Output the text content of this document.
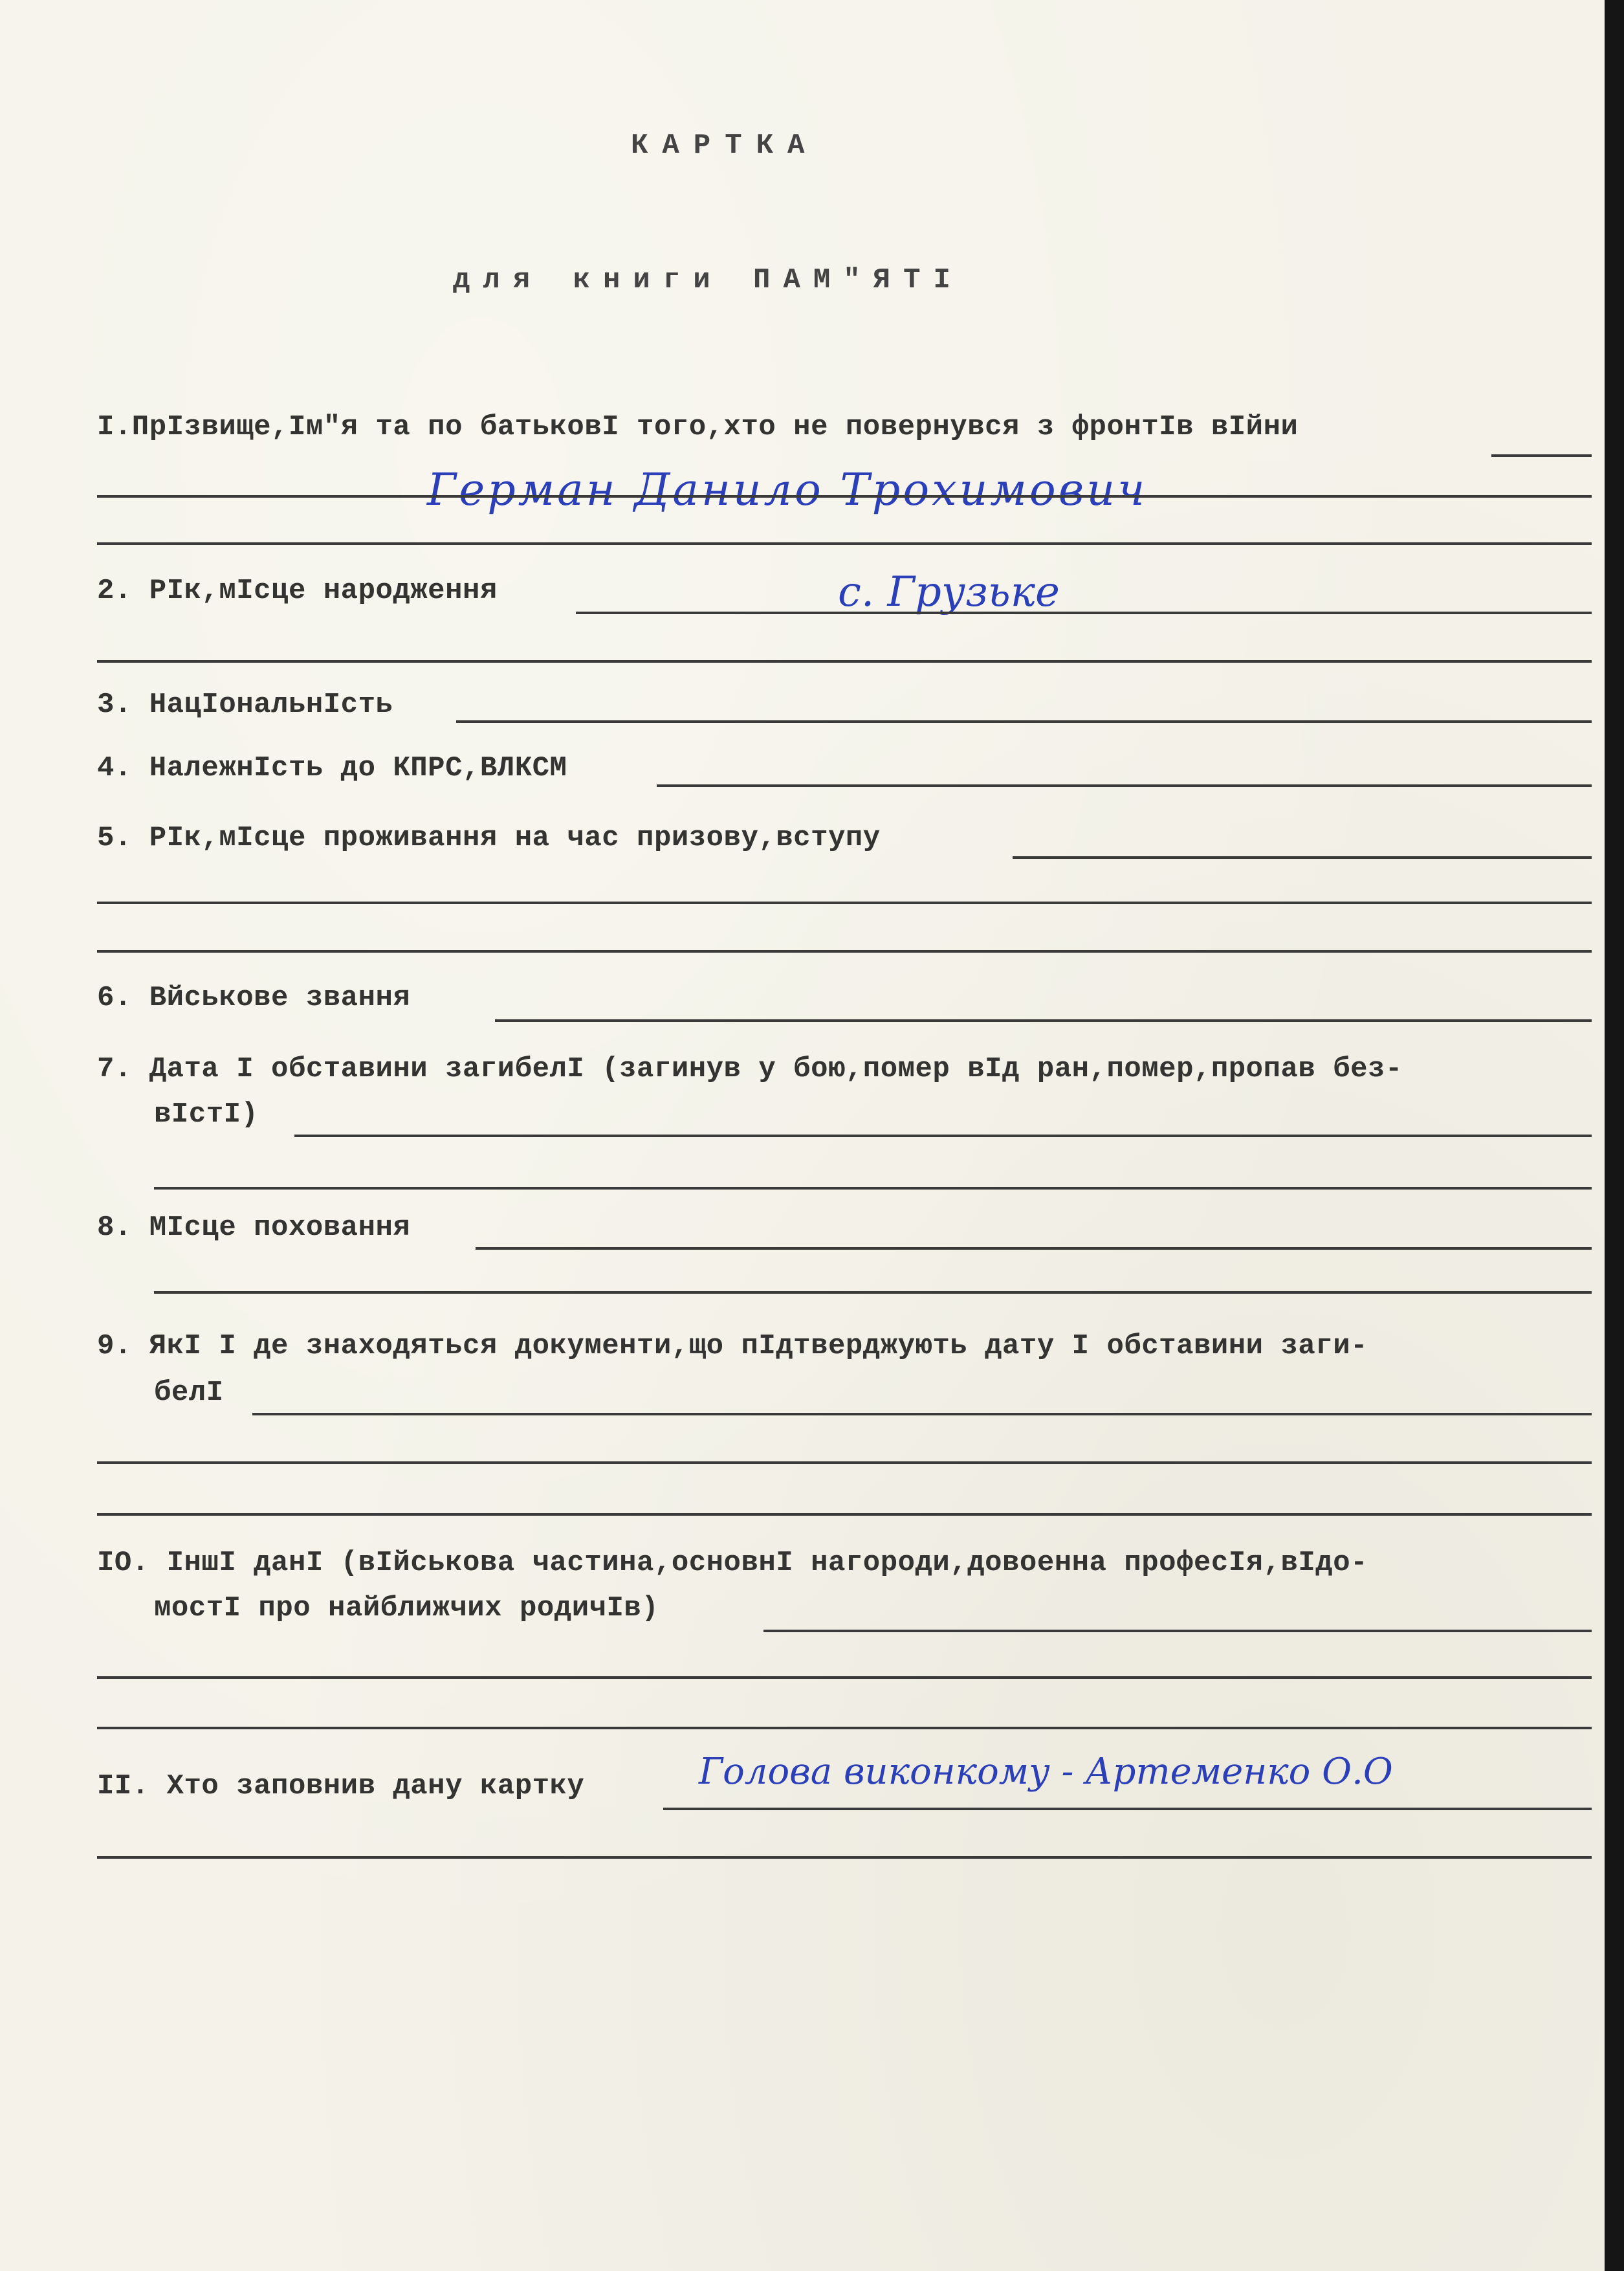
КАРТКА
для книги ПАМ"ЯТІ
I.ПрIзвище,Iм"я та по батьковI того,хто не повернувся з фронтIв вIйни
Герман Данило Трохимович
2. РIк,мIсце народження	с. Грузьке
3. НацIональнIсть
4. НалежнIсть до КПРС,ВЛКСМ
5. РIк,мIсце проживання на час призову,вступу
6. Вйськове звання
7. Дата I обставини загибелI (загинув у бою,помер вIд ран,помер,пропав без-
вIстI)
8. МIсце поховання
9. ЯкI I де знаходяться документи,що пIдтверджують дату I обставини заги-
белI
IO. IншI данI (вIйськова частина,основнI нагороди,довоенна професIя,вIдо-
мостI про найближчих родичIв)
II. Хто заповнив дану картку	Голова виконкому - Артеменко О.О
